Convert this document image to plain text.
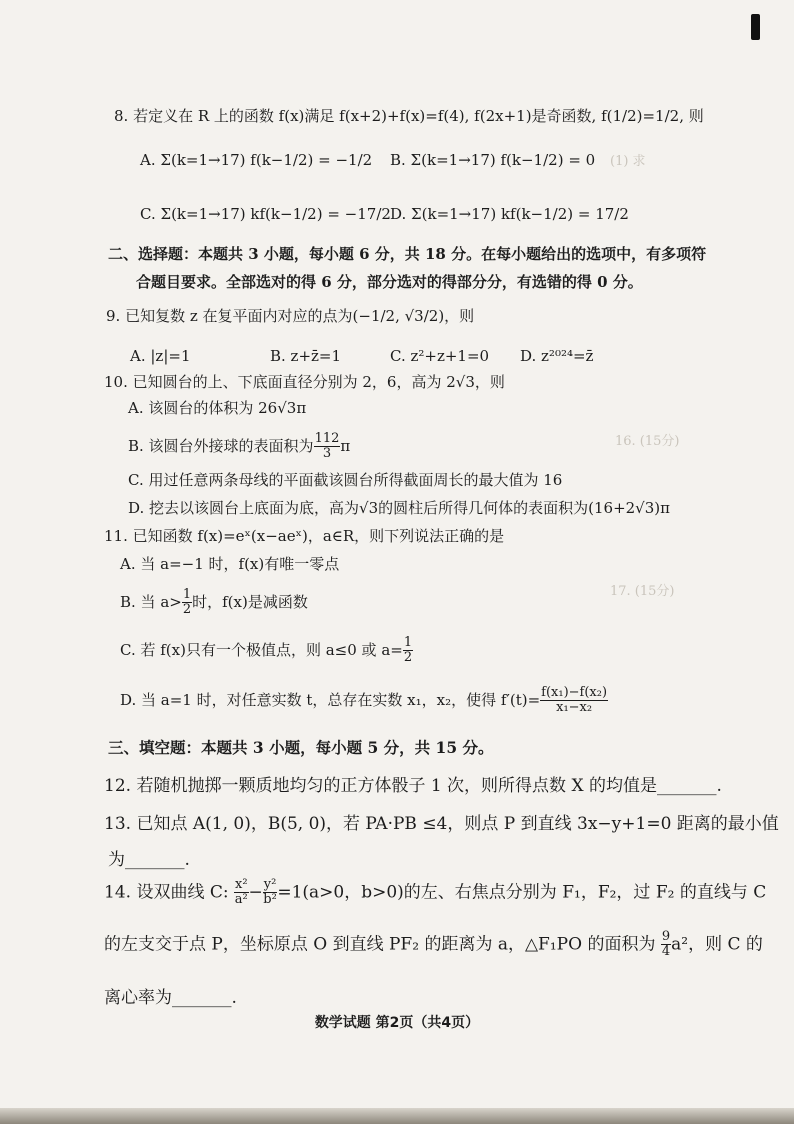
(1) 求
16. (15分)
17. (15分)
8. 若定义在 R 上的函数 f(x)满足 f(x+2)+f(x)=f(4), f(2x+1)是奇函数, f(1/2)=1/2, 则
A. Σ(k=1→17) f(k−1/2) = −1/2 B. Σ(k=1→17) f(k−1/2) = 0
C. Σ(k=1→17) kf(k−1/2) = −17/2 D. Σ(k=1→17) kf(k−1/2) = 17/2
二、选择题：本题共 3 小题，每小题 6 分，共 18 分。在每小题给出的选项中，有多项符
合题目要求。全部选对的得 6 分，部分选对的得部分分，有选错的得 0 分。
9. 已知复数 z 在复平面内对应的点为(−1/2, √3/2)，则
A. |z|=1	B. z+z̄=1	C. z²+z+1=0 D. z²⁰²⁴=z̄
10. 已知圆台的上、下底面直径分别为 2，6，高为 2√3，则
A. 该圆台的体积为 26√3π
B. 该圆台外接球的表面积为 $\frac{112}{3}$ π
C. 用过任意两条母线的平面截该圆台所得截面周长的最大值为 16
D. 挖去以该圆台上底面为底，高为√3的圆柱后所得几何体的表面积为(16+2√3)π
11. 已知函数 f(x)=eˣ(x−aeˣ)，a∈R，则下列说法正确的是
A. 当 a=−1 时，f(x)有唯一零点
B. 当 $a> \frac{1}{2}$ 时，f(x)是减函数
C. 若 f(x)只有一个极值点，则 a≤0 或 $a= \frac{1}{2}$
D. 当 a=1 时，对任意实数 t，总存在实数 x₁，x₂，使得 $f'(t)= \frac{\text{f(x₁)−f(x₂)}}{\text{x₁−x₂}}$
三、填空题：本题共 3 小题，每小题 5 分，共 15 分。
12. 若随机抛掷一颗质地均匀的正方体骰子 1 次，则所得点数 X 的均值是_______.
13. 已知点 A(1, 0)，B(5, 0)，若 PA·PB ≤4，则点 P 到直线 3x−y+1=0 距离的最小值
为_______.
14. 设双曲线 C: $\frac{\text{x²}}{\text{a²}} - \frac{\text{y²}}{\text{b²}} =1(a>0$，b>0)的左、右焦点分别为 F₁，F₂，过 F₂ 的直线与 C
的左支交于点 P，坐标原点 O 到直线 PF₂ 的距离为 a，△F₁PO 的面积为 $\frac{9}{4} a^2$，则 C 的
离心率为_______.
数学试题 第2页（共4页）
